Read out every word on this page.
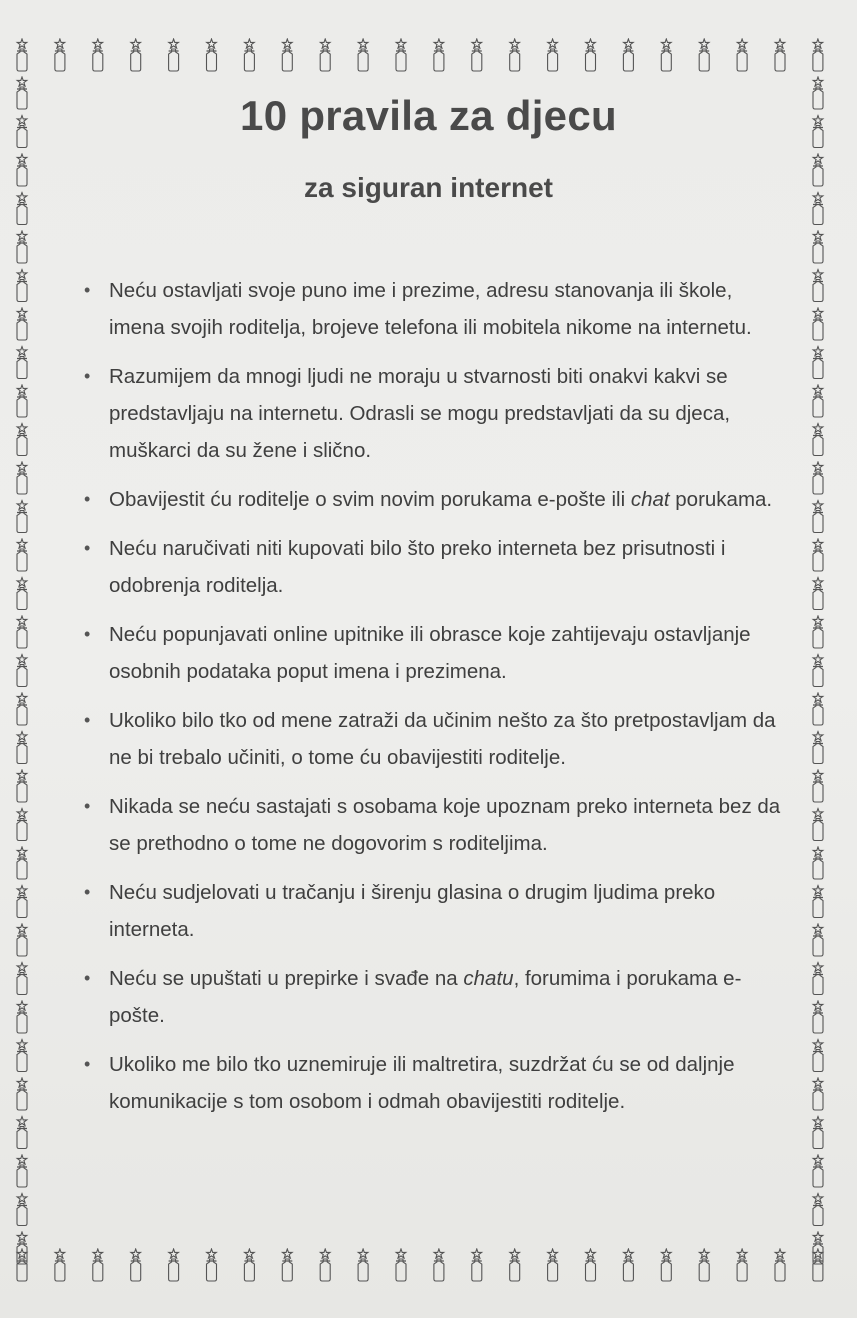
10 pravila za djecu
za siguran internet
• Neću ostavljati svoje puno ime i prezime, adresu stanovanja ili škole, imena svojih roditelja, brojeve telefona ili mobitela nikome na internetu.
• Razumijem da mnogi ljudi ne moraju u stvarnosti biti onakvi kakvi se predstavljaju na internetu. Odrasli se mogu predstavljati da su djeca, muškarci da su žene i slično.
• Obavijestit ću roditelje o svim novim porukama e-pošte ili chat porukama.
• Neću naručivati niti kupovati bilo što preko interneta bez prisutnosti i odobrenja roditelja.
• Neću popunjavati online upitnike ili obrasce koje zahtijevaju ostavljanje osobnih podataka poput imena i prezimena.
• Ukoliko bilo tko od mene zatraži da učinim nešto za što pretpostavljam da ne bi trebalo učiniti, o tome ću obavijestiti roditelje.
• Nikada se neću sastajati s osobama koje upoznam preko interneta bez da se prethodno o tome ne dogovorim s roditeljima.
• Neću sudjelovati u tračanju i širenju glasina o drugim ljudima preko interneta.
• Neću se upuštati u prepirke i svađe na chatu, forumima i porukama e-pošte.
• Ukoliko me bilo tko uznemiruje ili maltretira, suzdržat ću se od daljnje komunikacije s tom osobom i odmah obavijestiti roditelje.
